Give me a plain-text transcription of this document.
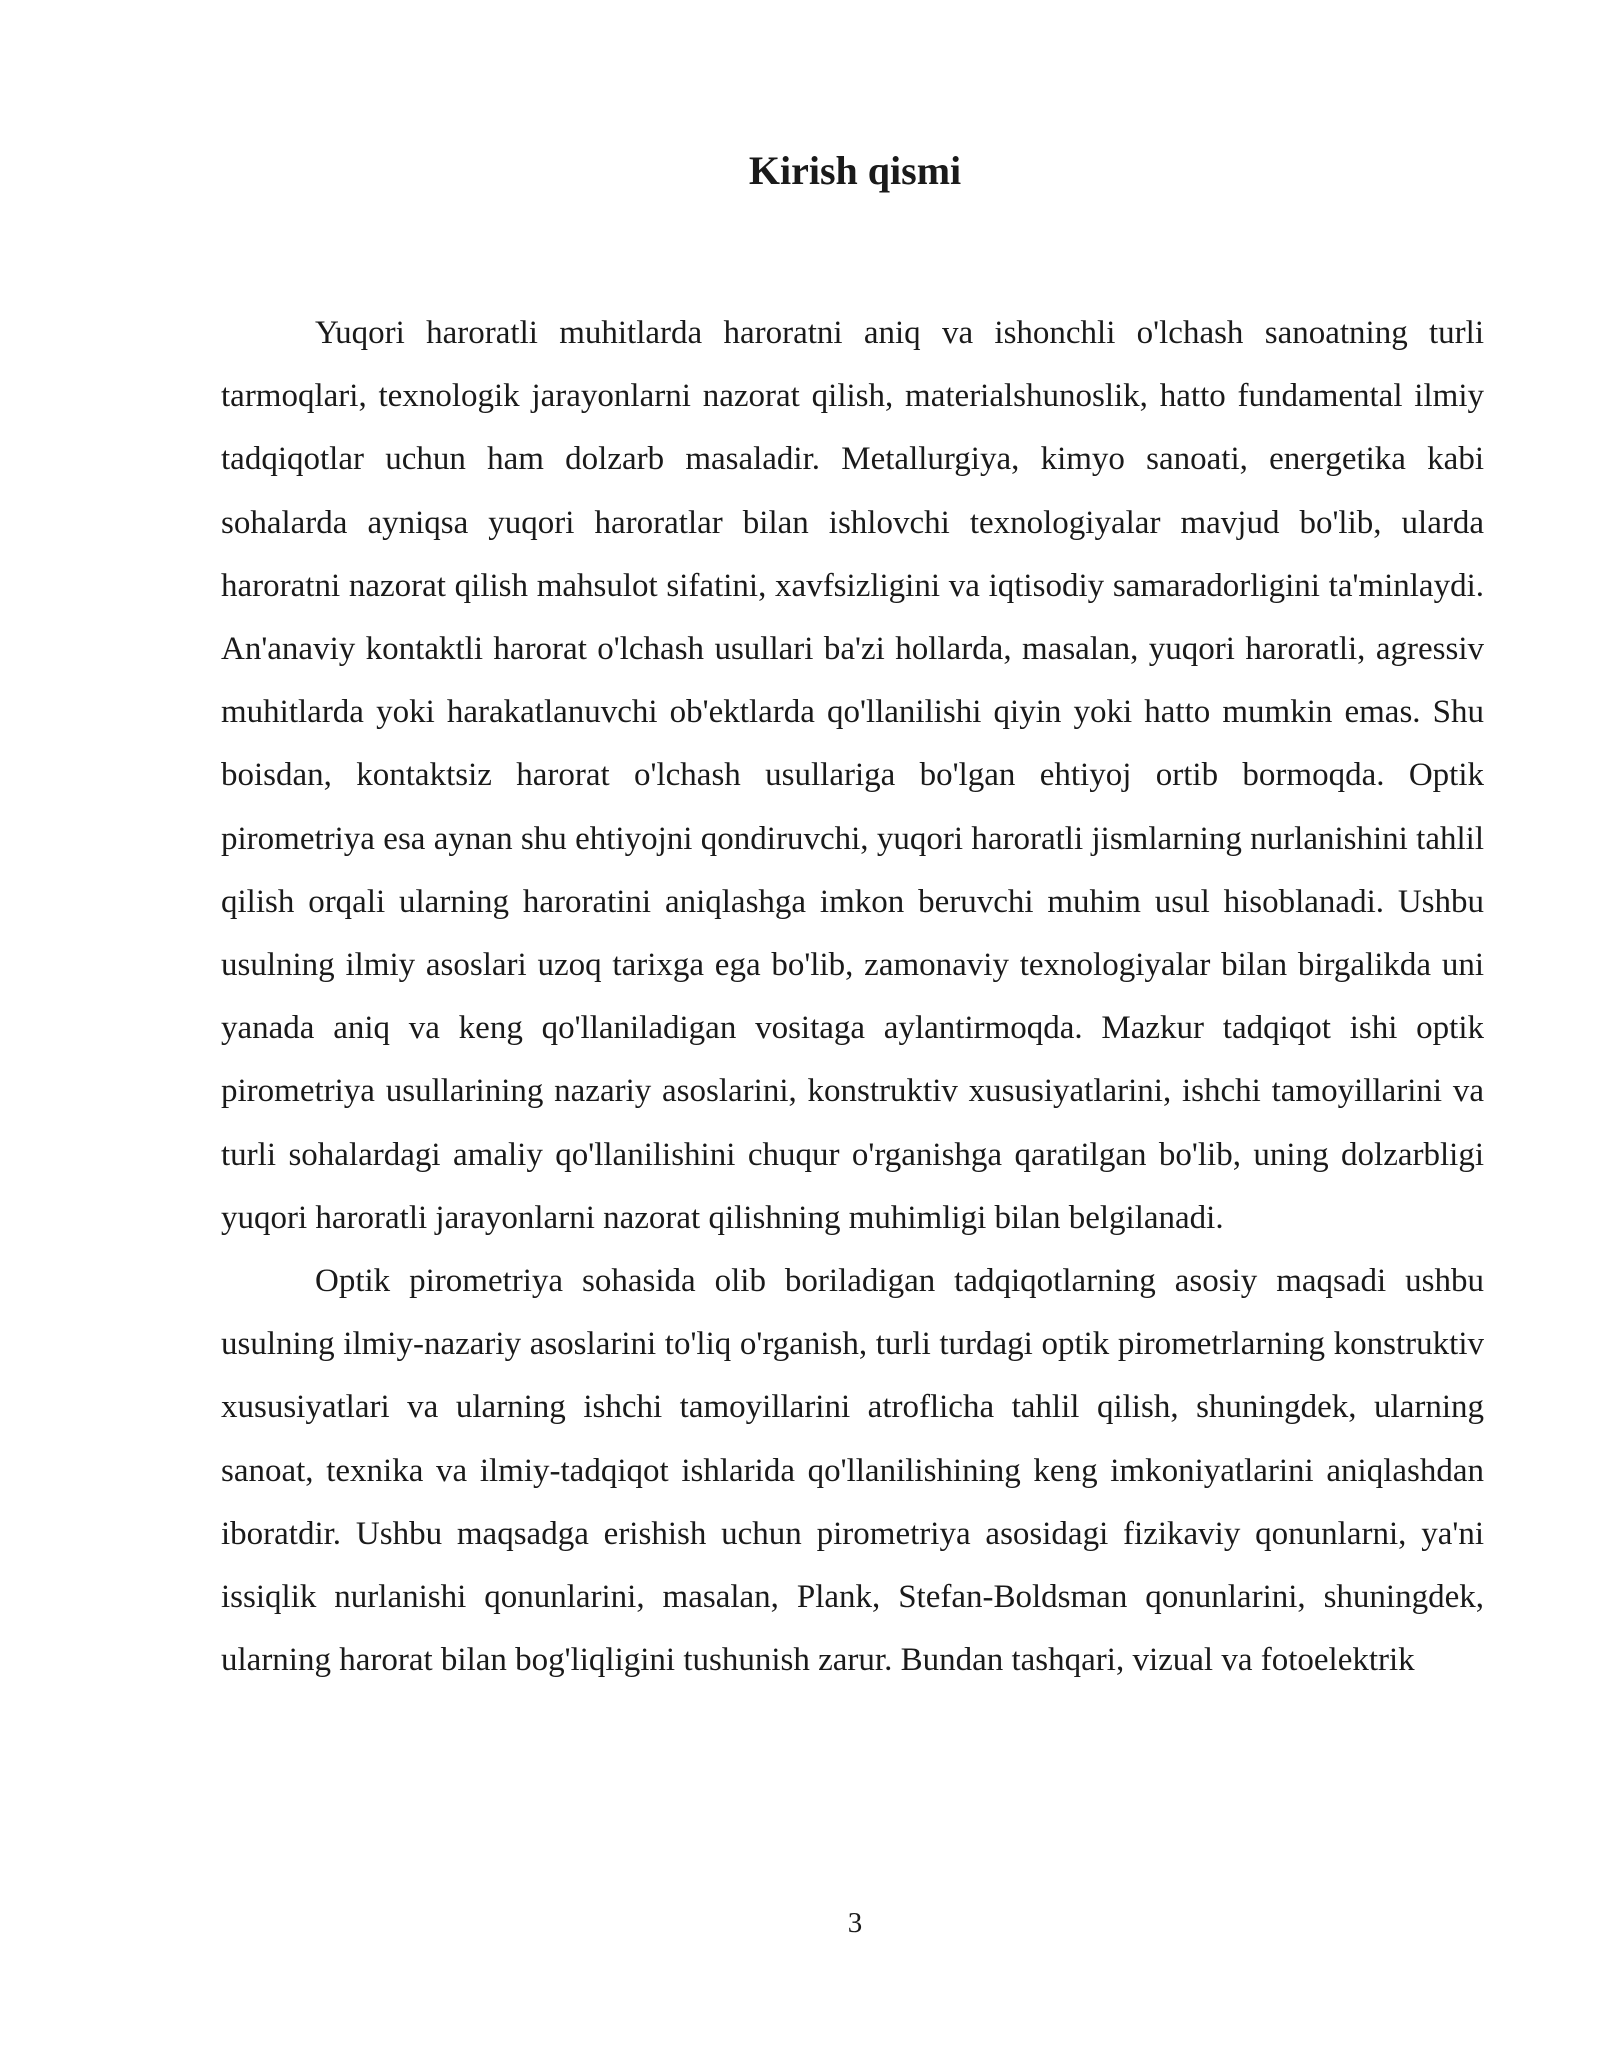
Kirish qismi

Yuqori haroratli muhitlarda haroratni aniq va ishonchli o'lchash sanoatning turli tarmoqlari, texnologik jarayonlarni nazorat qilish, materialshunoslik, hatto fundamental ilmiy tadqiqotlar uchun ham dolzarb masaladir. Metallurgiya, kimyo sanoati, energetika kabi sohalarda ayniqsa yuqori haroratlar bilan ishlovchi texnologiyalar mavjud bo'lib, ularda haroratni nazorat qilish mahsulot sifatini, xavfsizligini va iqtisodiy samaradorligini ta'minlaydi. An'anaviy kontaktli harorat o'lchash usullari ba'zi hollarda, masalan, yuqori haroratli, agressiv muhitlarda yoki harakatlanuvchi ob'ektlarda qo'llanilishi qiyin yoki hatto mumkin emas. Shu boisdan, kontaktsiz harorat o'lchash usullariga bo'lgan ehtiyoj ortib bormoqda. Optik pirometriya esa aynan shu ehtiyojni qondiruvchi, yuqori haroratli jismlarning nurlanishini tahlil qilish orqali ularning haroratini aniqlashga imkon beruvchi muhim usul hisoblanadi. Ushbu usulning ilmiy asoslari uzoq tarixga ega bo'lib, zamonaviy texnologiyalar bilan birgalikda uni yanada aniq va keng qo'llaniladigan vositaga aylantirmoqda. Mazkur tadqiqot ishi optik pirometriya usullarining nazariy asoslarini, konstruktiv xususiyatlarini, ishchi tamoyillarini va turli sohalardagi amaliy qo'llanilishini chuqur o'rganishga qaratilgan bo'lib, uning dolzarbligi yuqori haroratli jarayonlarni nazorat qilishning muhimligi bilan belgilanadi.

Optik pirometriya sohasida olib boriladigan tadqiqotlarning asosiy maqsadi ushbu usulning ilmiy-nazariy asoslarini to'liq o'rganish, turli turdagi optik pirometrlarning konstruktiv xususiyatlari va ularning ishchi tamoyillarini atroflicha tahlil qilish, shuningdek, ularning sanoat, texnika va ilmiy-tadqiqot ishlarida qo'llanilishining keng imkoniyatlarini aniqlashdan iboratdir. Ushbu maqsadga erishish uchun pirometriya asosidagi fizikaviy qonunlarni, ya'ni issiqlik nurlanishi qonunlarini, masalan, Plank, Stefan-Boldsman qonunlarini, shuningdek, ularning harorat bilan bog'liqligini tushunish zarur. Bundan tashqari, vizual va fotoelektrik

3
